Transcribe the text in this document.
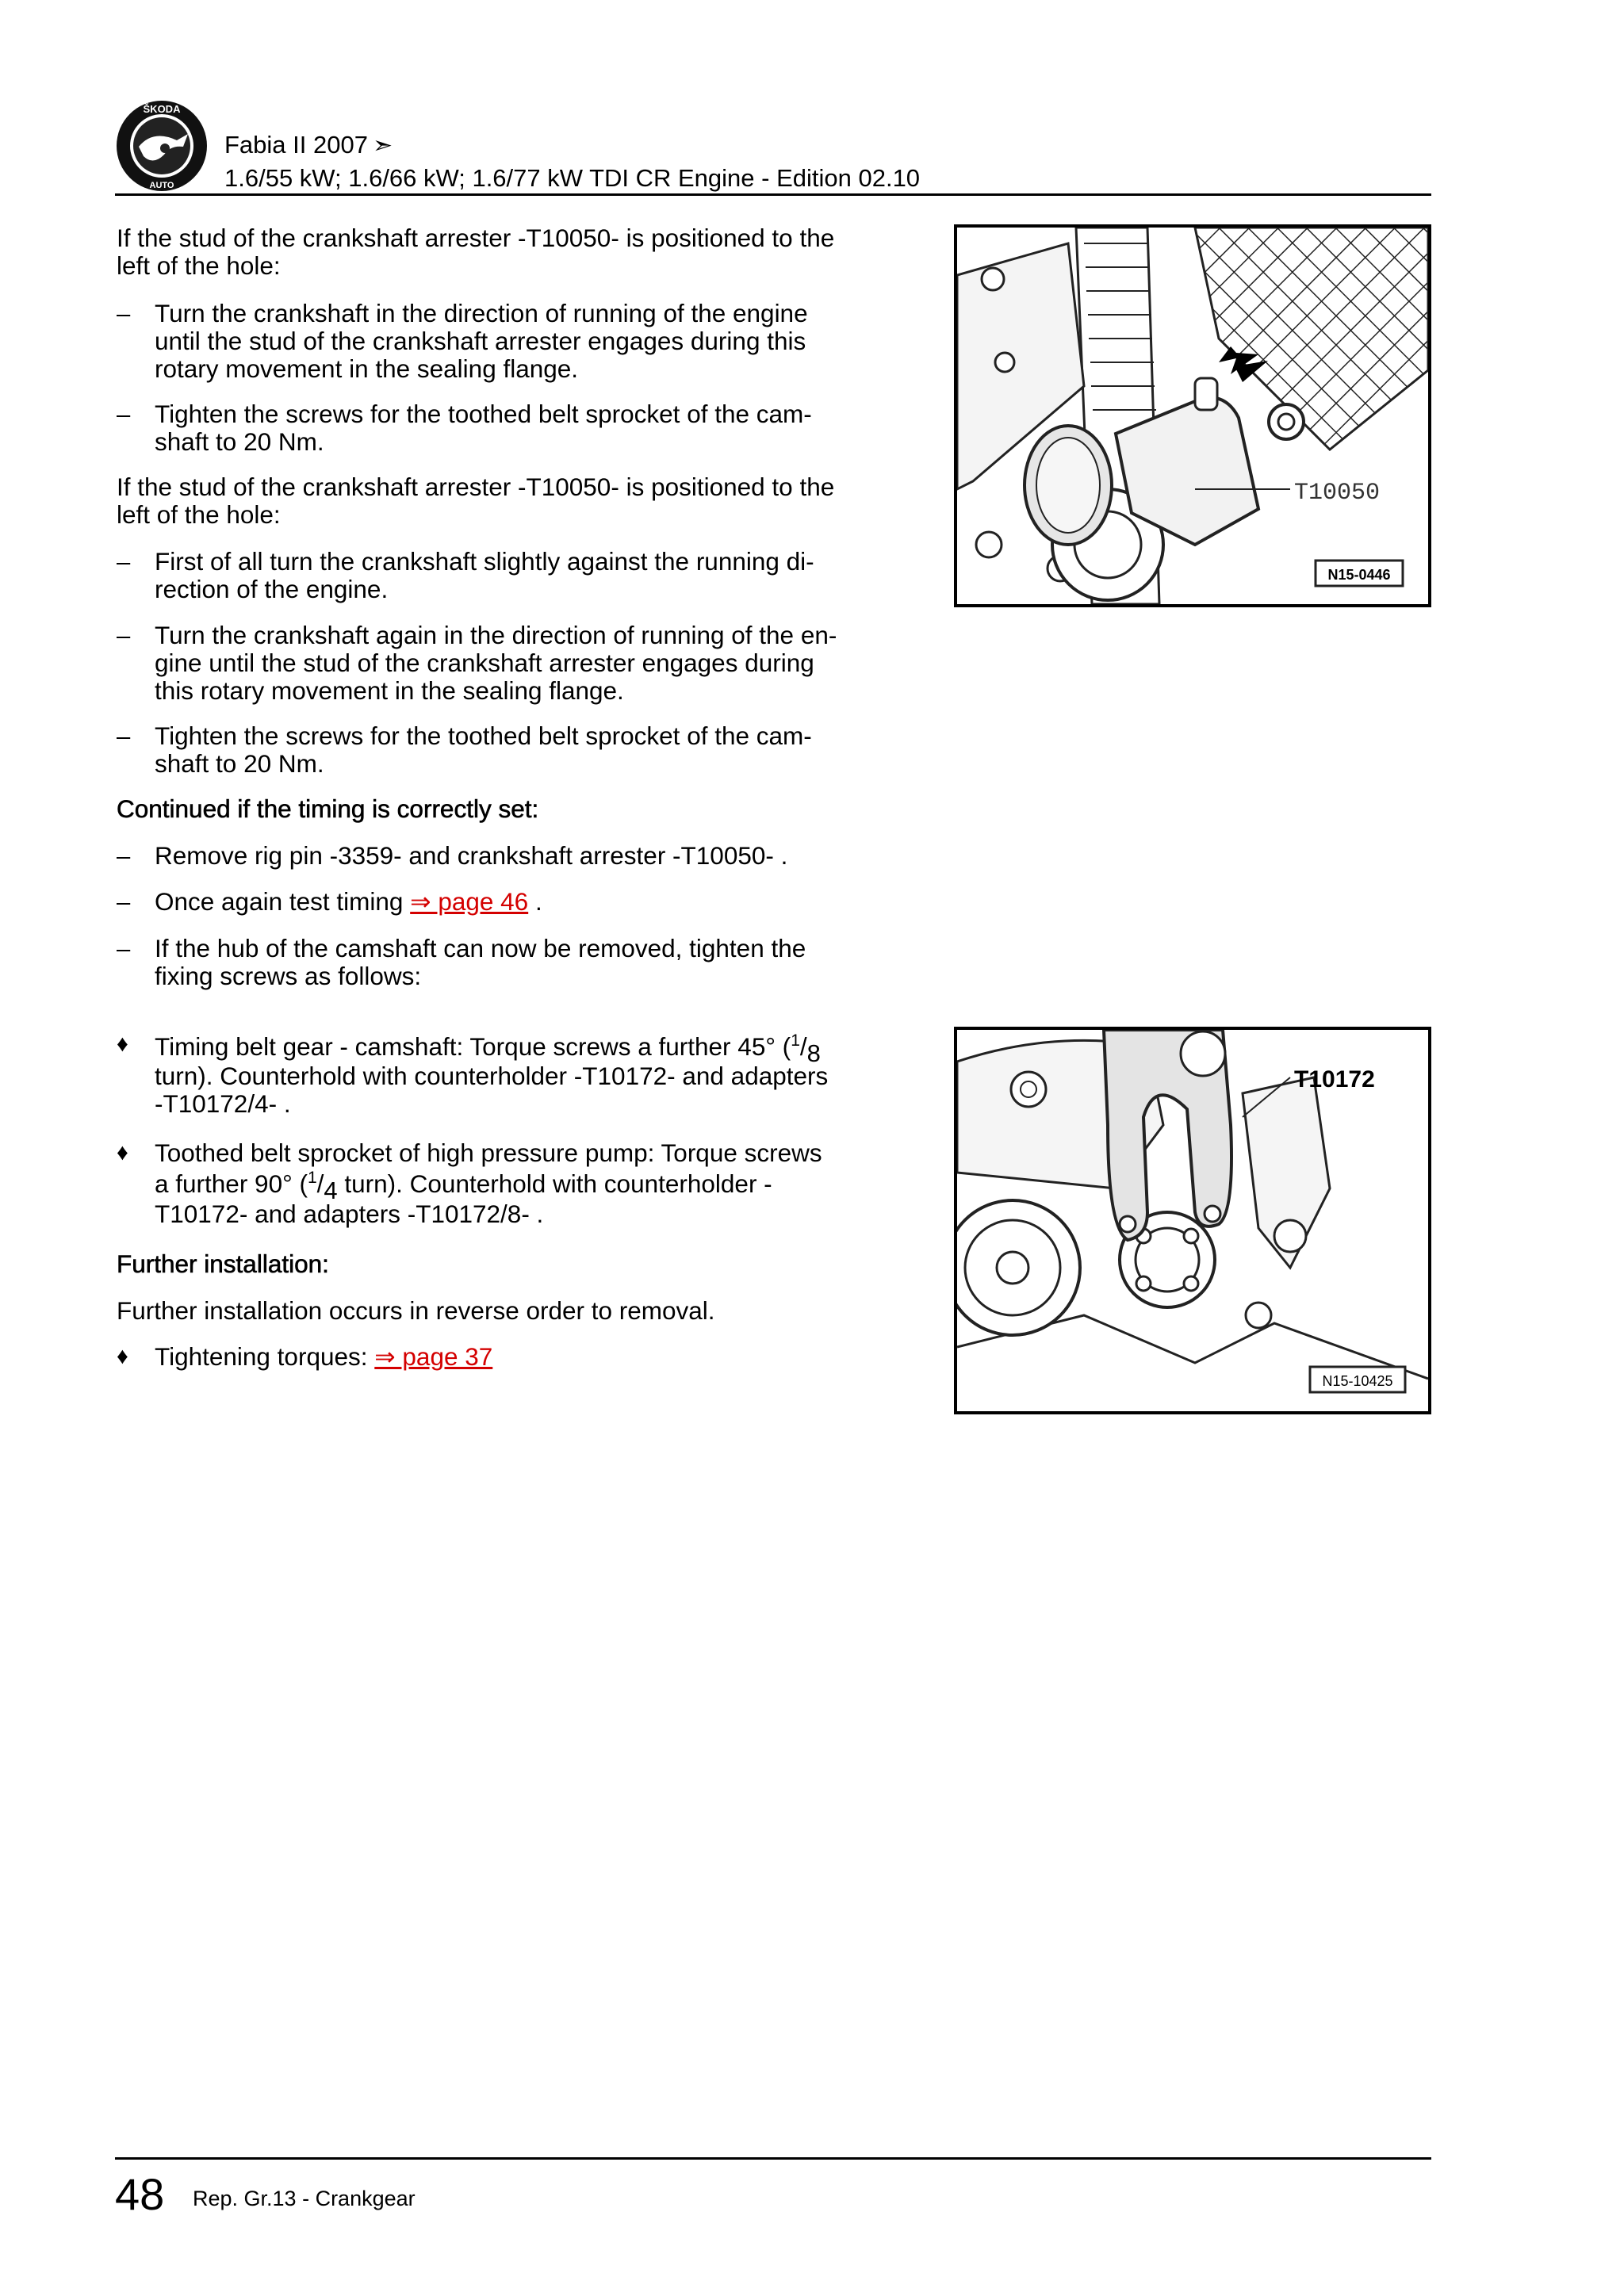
ŠKODA
AUTO
Fabia II 2007 ➣
1.6/55 kW; 1.6/66 kW; 1.6/77 kW TDI CR Engine - Edition 02.10
If the stud of the crankshaft arrester -T10050- is positioned to the
left of the hole:
– Turn the crankshaft in the direction of running of the engine
until the stud of the crankshaft arrester engages during this
rotary movement in the sealing flange.
– Tighten the screws for the toothed belt sprocket of the cam-
shaft to 20 Nm.
If the stud of the crankshaft arrester -T10050- is positioned to the
left of the hole:
– First of all turn the crankshaft slightly against the running di-
rection of the engine.
– Turn the crankshaft again in the direction of running of the en-
gine until the stud of the crankshaft arrester engages during
this rotary movement in the sealing flange.
– Tighten the screws for the toothed belt sprocket of the cam-
shaft to 20 Nm.
Continued if the timing is correctly set:
– Remove rig pin -3359- and crankshaft arrester -T10050- .
– Once again test timing ⇒ page 46 .
– If the hub of the camshaft can now be removed, tighten the
fixing screws as follows:
♦ Timing belt gear - camshaft: Torque screws a further 45° ($^1/_8$
turn). Counterhold with counterholder -T10172- and adapters
-T10172/4- .
♦ Toothed belt sprocket of high pressure pump: Torque screws
a further 90° ($^1/_4$ turn). Counterhold with counterholder -
T10172- and adapters -T10172/8- .
Further installation:
Further installation occurs in reverse order to removal.
♦ Tightening torques: ⇒ page 37
T10050
N15-0446
T10172
N15-10425
48 Rep. Gr.13 - Crankgear
